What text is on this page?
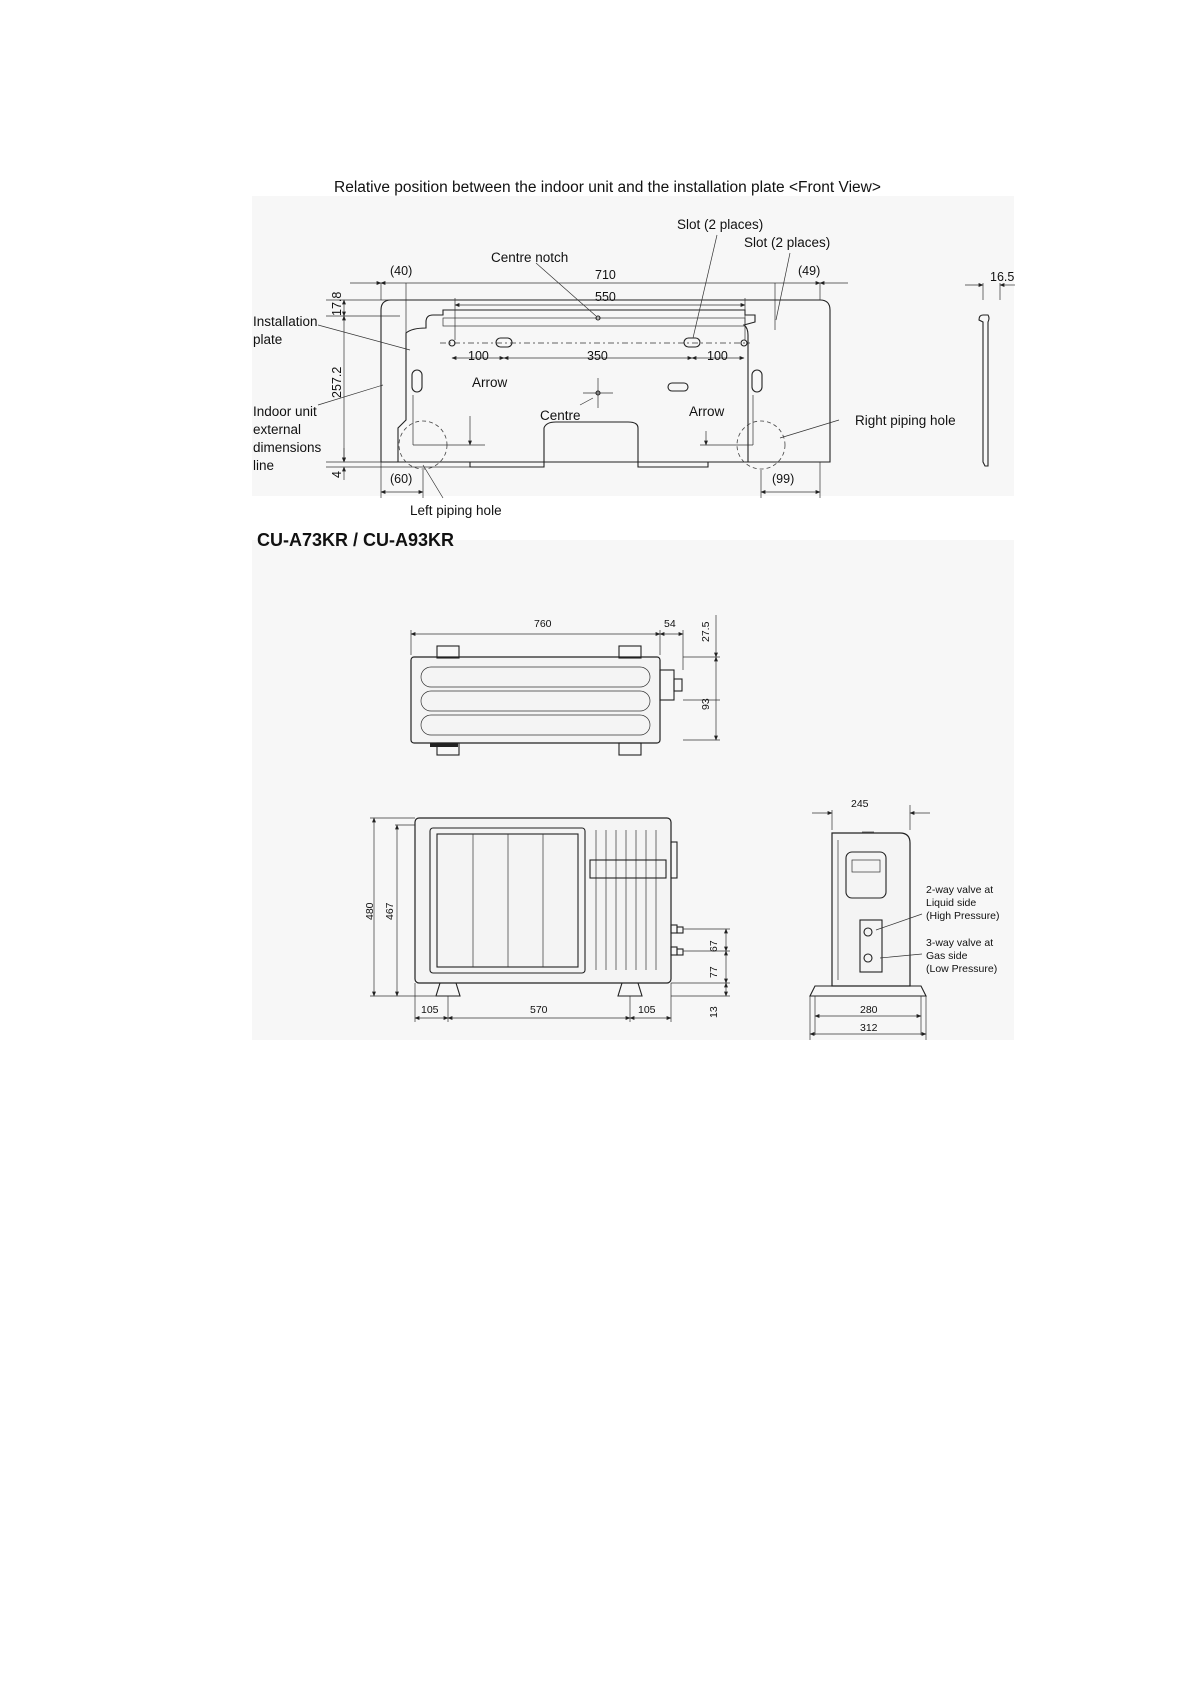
Relative position between the indoor unit and the installation plate <Front View>
Slot (2 places)
Slot (2 places)
Centre notch
Installation
plate
Indoor unit
external
dimensions
line
Arrow
Arrow
Centre	Right piping hole
Left piping hole
(40)	710	(49)
550
16.5
17.8
257.2
4
100	350	100
(60)	(99)
CU-A73KR / CU-A93KR
760	54 27.5
93
480 467
105	570	105
67
77
13
245
280
312
2-way valve at
Liquid side
(High Pressure)
3-way valve at
Gas side
(Low Pressure)
